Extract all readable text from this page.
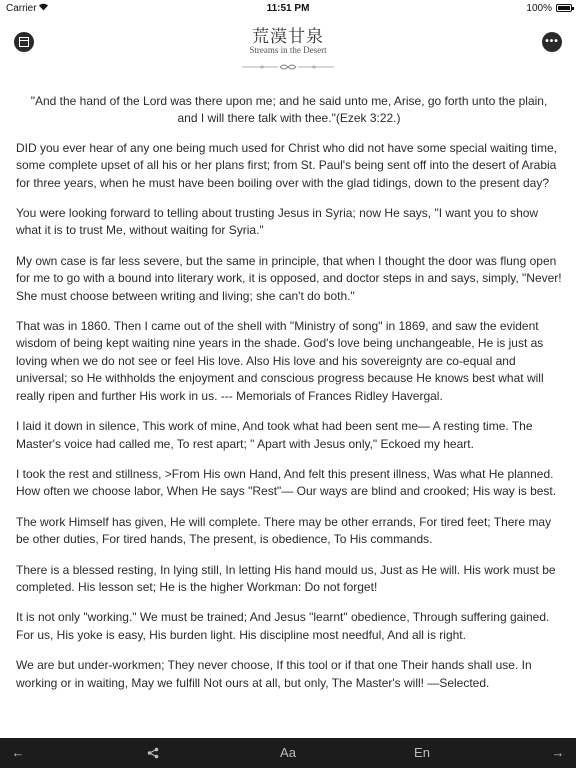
Carrier	11:51 PM	100%
荒漠甘泉
Streams in the Desert
•••
"And the hand of the Lord was there upon me; and he said unto me, Arise, go forth unto the plain, and I will there talk with thee."(Ezek 3:22.)

DID you ever hear of any one being much used for Christ who did not have some special waiting time, some complete upset of all his or her plans first; from St. Paul's being sent off into the desert of Arabia for three years, when he must have been boiling over with the glad tidings, down to the present day?

You were looking forward to telling about trusting Jesus in Syria; now He says, "I want you to show what it is to trust Me, without waiting for Syria."

My own case is far less severe, but the same in principle, that when I thought the door was flung open for me to go with a bound into literary work, it is opposed, and doctor steps in and says, simply, "Never! She must choose between writing and living; she can't do both."

That was in 1860. Then I came out of the shell with "Ministry of song" in 1869, and saw the evident wisdom of being kept waiting nine years in the shade. God's love being unchangeable, He is just as loving when we do not see or feel His love. Also His love and his sovereignty are co-equal and universal; so He withholds the enjoyment and conscious progress because He knows best what will really ripen and further His work in us. --- Memorials of Frances Ridley Havergal.

I laid it down in silence, This work of mine, And took what had been sent me— A resting time. The Master's voice had called me, To rest apart; " Apart with Jesus only," Eckoed my heart.

I took the rest and stillness, >From His own Hand, And felt this present illness, Was what He planned. How often we choose labor, When He says "Rest"— Our ways are blind and crooked; His way is best.

The work Himself has given, He will complete. There may be other errands, For tired feet; There may be other duties, For tired hands, The present, is obedience, To His commands.

There is a blessed resting, In lying still, In letting His hand mould us, Just as He will. His work must be completed. His lesson set; He is the higher Workman: Do not forget!

It is not only "working." We must be trained; And Jesus "learnt" obedience, Through suffering gained. For us, His yoke is easy, His burden light. His discipline most needful, And all is right.

We are but under-workmen; They never choose, If this tool or if that one Their hands shall use. In working or in waiting, May we fulfill Not ours at all, but only, The Master's will! —Selected.

←	Aa	En	→
